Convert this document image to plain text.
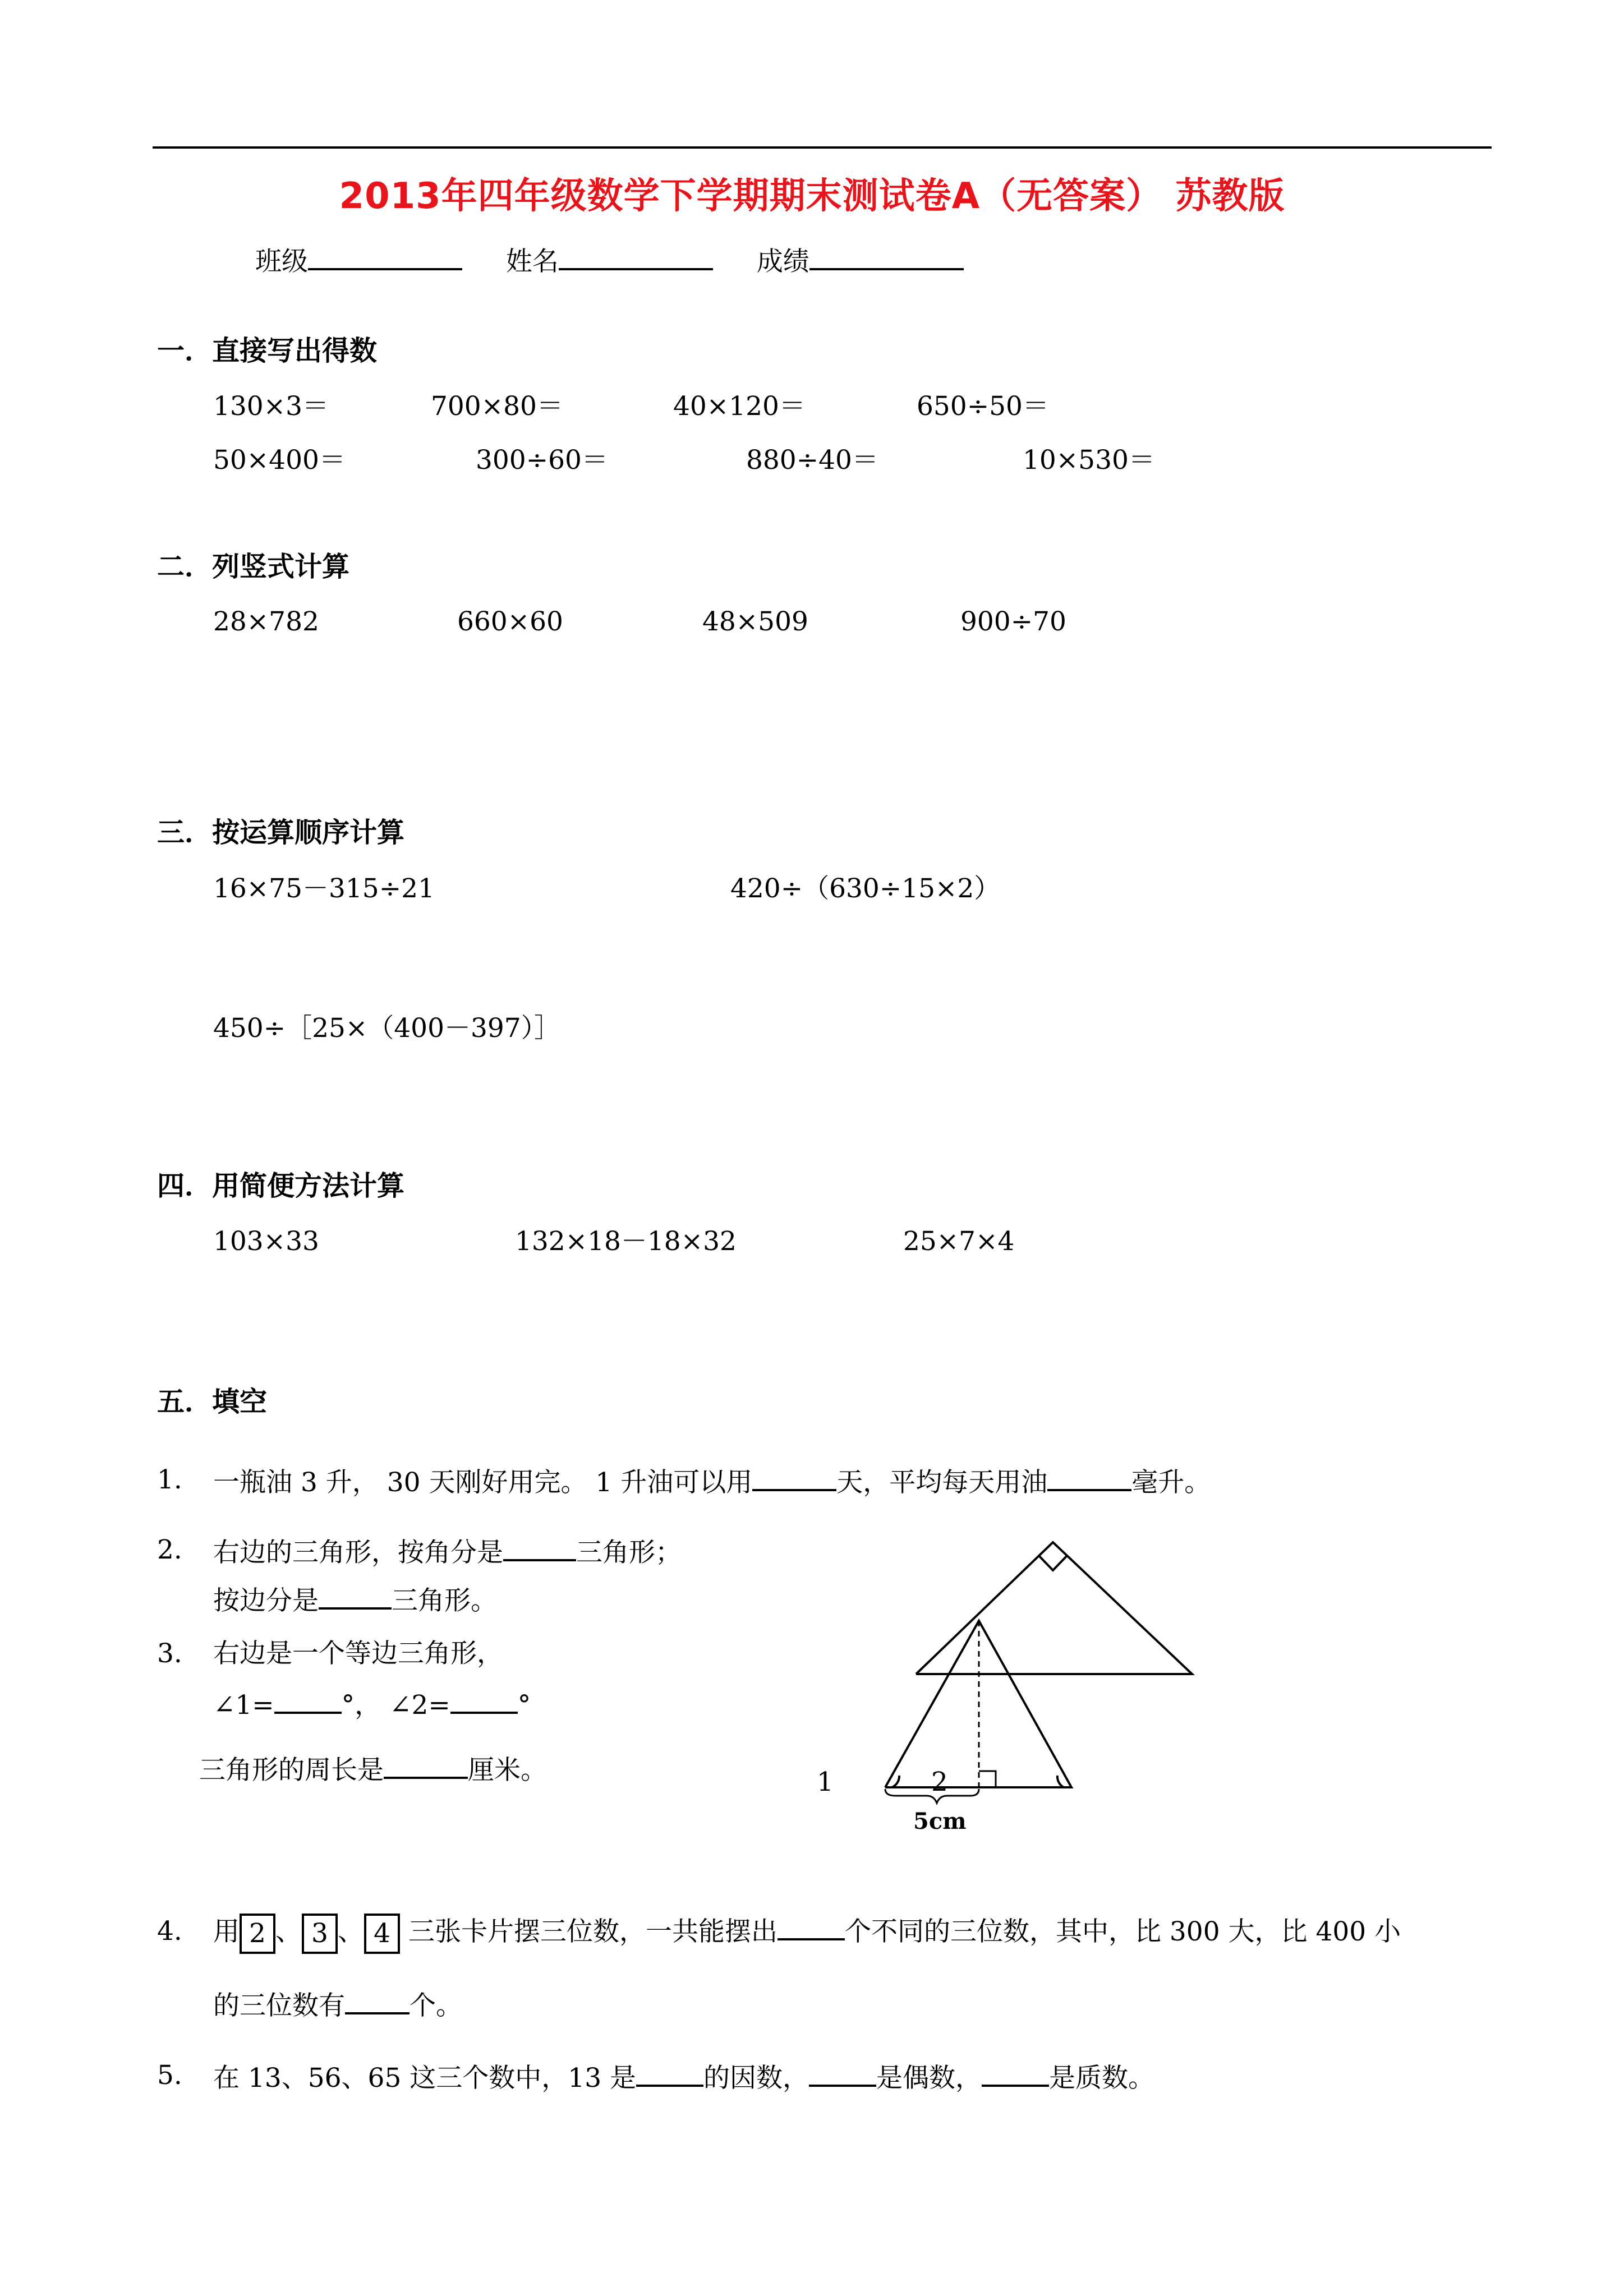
2013年四年级数学下学期期末测试卷A（无答案） 苏教版
班级	姓名	成绩
一．直接写出得数
130×3＝	700×80＝	40×120＝	650÷50＝
50×400＝	300÷60＝	880÷40＝	10×530＝
二．列竖式计算
28×782	660×60	48×509	900÷70
三．按运算顺序计算
16×75－315÷21	420÷（630÷15×2）
450÷［25×（400－397）］
四．用简便方法计算
103×33	132×18－18×32	25×7×4
五．填空
1. 一瓶油 3 升， 30 天刚好用完。 1 升油可以用	天，平均每天用油	毫升。
2. 右边的三角形，按角分是	三角形；
按边分是	三角形。
3. 右边是一个等边三角形，
∠1=	°， ∠2=	°
三角形的周长是	厘米。	1	2
5cm
4. 用 2 、 3 、 4 三张卡片摆三位数，一共能摆出	个不同的三位数，其中，比 300 大，比 400 小
的三位数有 个。
5. 在 13、56、65 这三个数中，13 是	的因数，	是偶数，	是质数。
